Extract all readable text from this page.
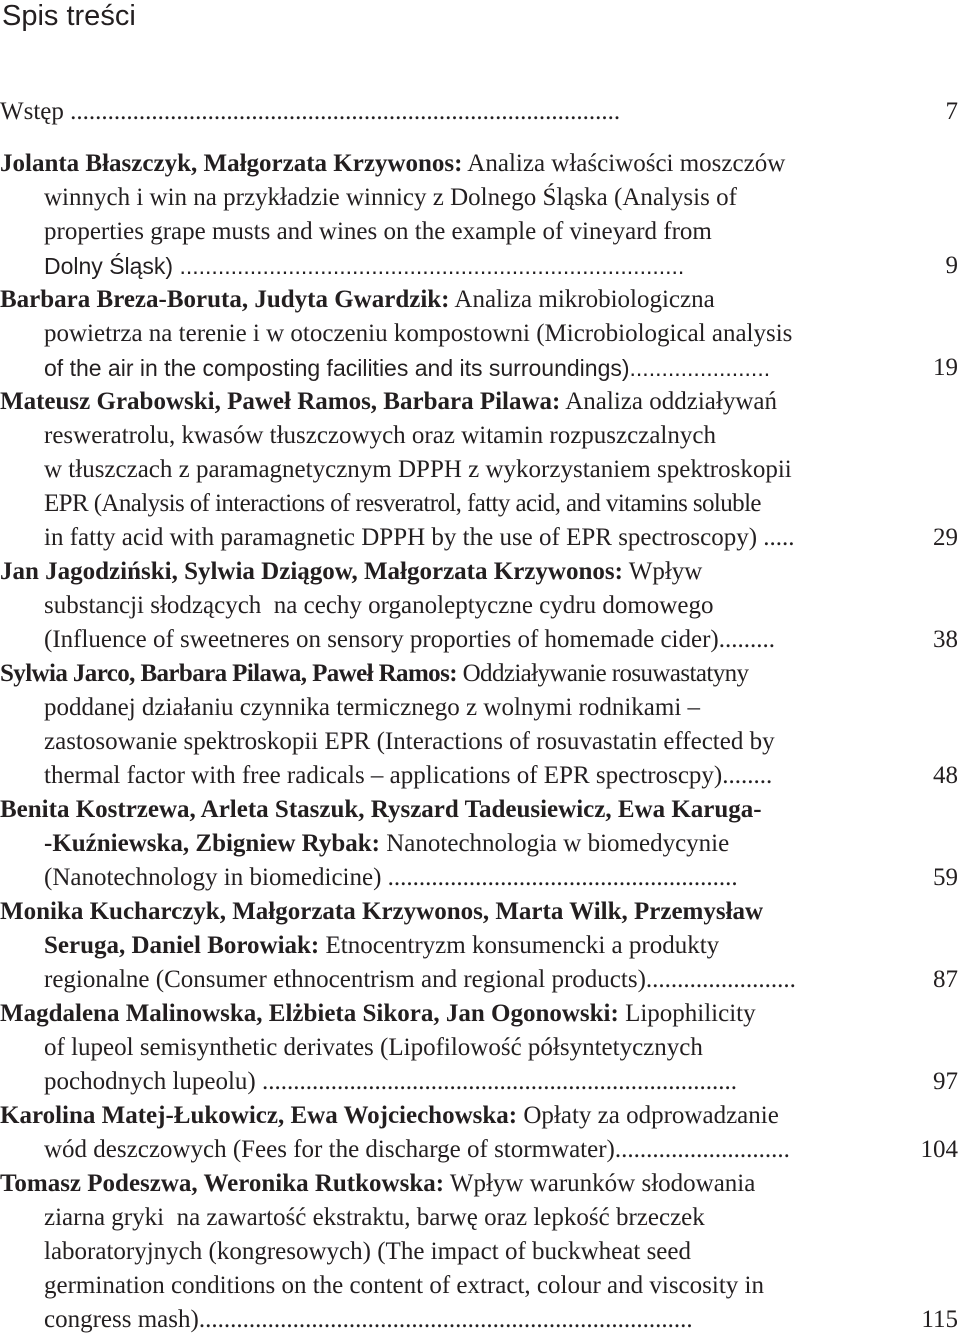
Spis treści
Wstęp ........................................................................................	7
Jolanta Błaszczyk, Małgorzata Krzywonos: Analiza właściwości moszczów
winnych i win na przykładzie winnicy z Dolnego Śląska (Analysis of
properties grape musts and wines on the example of vineyard from
Dolny Śląsk) ...............................................................................	9
Barbara Breza-Boruta, Judyta Gwardzik: Analiza mikrobiologiczna
powietrza na terenie i w otoczeniu kompostowni (Microbiological analysis
of the air in the composting facilities and its surroundings)......................	19
Mateusz Grabowski, Paweł Ramos, Barbara Pilawa: Analiza oddziaływań
resweratrolu, kwasów tłuszczowych oraz witamin rozpuszczalnych
w tłuszczach z paramagnetycznym DPPH z wykorzystaniem spektroskopii
EPR (Analysis of interactions of resveratrol, fatty acid, and vitamins soluble
in fatty acid with paramagnetic DPPH by the use of EPR spectroscopy) .....	29
Jan Jagodziński, Sylwia Dziągow, Małgorzata Krzywonos: Wpływ
substancji słodzących  na cechy organoleptyczne cydru domowego
(Influence of sweetneres on sensory proporties of homemade cider).........	38
Sylwia Jarco, Barbara Pilawa, Paweł Ramos: Oddziaływanie rosuwastatyny
poddanej działaniu czynnika termicznego z wolnymi rodnikami –
zastosowanie spektroskopii EPR (Interactions of rosuvastatin effected by
thermal factor with free radicals – applications of EPR spectroscpy)........	48
Benita Kostrzewa, Arleta Staszuk, Ryszard Tadeusiewicz, Ewa Karuga-
-Kuźniewska, Zbigniew Rybak: Nanotechnologia w biomedycynie
(Nanotechnology in biomedicine) ........................................................	59
Monika Kucharczyk, Małgorzata Krzywonos, Marta Wilk, Przemysław
Seruga, Daniel Borowiak: Etnocentryzm konsumencki a produkty
regionalne (Consumer ethnocentrism and regional products)........................	87
Magdalena Malinowska, Elżbieta Sikora, Jan Ogonowski: Lipophilicity
of lupeol semisynthetic derivates (Lipofilowość półsyntetycznych
pochodnych lupeolu) ............................................................................	97
Karolina Matej-Łukowicz, Ewa Wojciechowska: Opłaty za odprowadzanie
wód deszczowych (Fees for the discharge of stormwater)............................	104
Tomasz Podeszwa, Weronika Rutkowska: Wpływ warunków słodowania
ziarna gryki  na zawartość ekstraktu, barwę oraz lepkość brzeczek
laboratoryjnych (kongresowych) (The impact of buckwheat seed
germination conditions on the content of extract, colour and viscosity in
congress mash)...............................................................................	115
